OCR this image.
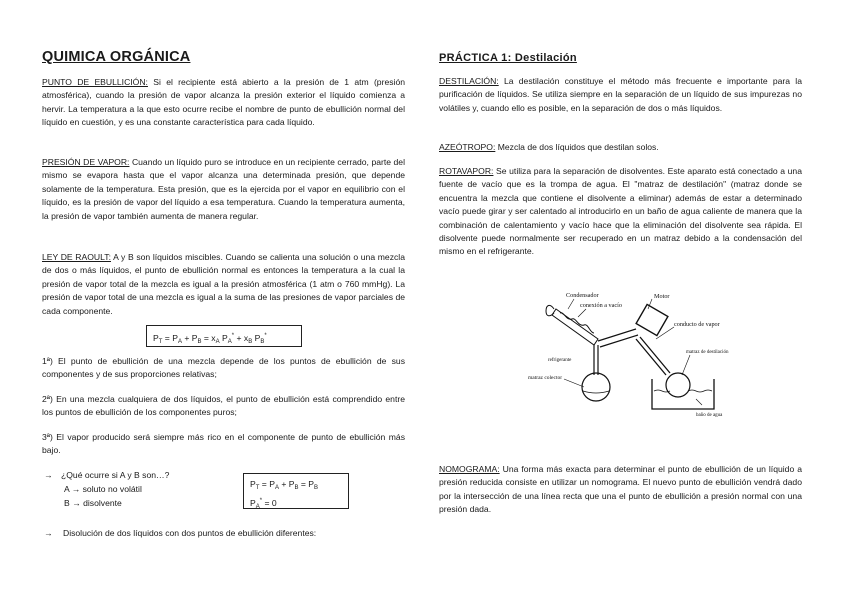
QUIMICA ORGÁNICA

PUNTO DE EBULLICIÓN: Si el recipiente está abierto a la presión de 1 atm (presión atmosférica), cuando la presión de vapor alcanza la presión exterior el líquido comienza a hervir. La temperatura a la que esto ocurre recibe el nombre de punto de ebullición normal del líquido en cuestión, y es una constante característica para cada líquido.

PRESIÓN DE VAPOR: Cuando un líquido puro se introduce en un recipiente cerrado, parte del mismo se evapora hasta que el vapor alcanza una determinada presión, que depende solamente de la temperatura. Esta presión, que es la ejercida por el vapor en equilibrio con el líquido, es la presión de vapor del líquido a esa temperatura. Cuando la temperatura aumenta, la presión de vapor también aumenta de manera regular.

LEY DE RAOULT: A y B son líquidos miscibles. Cuando se calienta una solución o una mezcla de dos o más líquidos, el punto de ebullición normal es entonces la temperatura a la cual la presión de vapor total de la mezcla es igual a la presión atmosférica (1 atm o 760 mmHg). La presión de vapor total de una mezcla es igual a la suma de las presiones de vapor parciales de cada componente.

$P_T = P_A + P_B = x_A$ $P_A^* + x_B$ $P_B^*$

1ª) El punto de ebullición de una mezcla depende de los puntos de ebullición de sus componentes y de sus proporciones relativas;

2ª) En una mezcla cualquiera de dos líquidos, el punto de ebullición está comprendido entre los puntos de ebullición de los componentes puros;

3ª) El vapor producido será siempre más rico en el componente de punto de ebullición más bajo.

→ ¿Qué ocurre si A y B son…?
A → soluto no volátil
B → disolvente
$P_T = P_A + P_B = P_B$
$P_A^* = 0$
→ Disolución de dos líquidos con dos puntos de ebullición diferentes:
PRÁCTICA 1: Destilación

DESTILACIÓN: La destilación constituye el método más frecuente e importante para la purificación de líquidos. Se utiliza siempre en la separación de un líquido de sus impurezas no volátiles y, cuando ello es posible, en la separación de dos o más líquidos.

AZEÓTROPO: Mezcla de dos líquidos que destilan solos.

ROTAVAPOR: Se utiliza para la separación de disolventes. Este aparato está conectado a una fuente de vacío que es la trompa de agua. El "matraz de destilación" (matraz donde se encuentra la mezcla que contiene el disolvente a eliminar) además de estar a determinado vacío puede girar y ser calentado al introducirlo en un baño de agua caliente de manera que la combinación de calentamiento y vacío hace que la eliminación del disolvente sea rápida. El disolvente puede normalmente ser recuperado en un matraz debido a la condensación del mismo en el refrigerante.

Condensador
conexión a vacío
Motor
conducto de vapor
matraz de destilación
refrigerante
matraz colector
baño de agua

NOMOGRAMA: Una forma más exacta para determinar el punto de ebullición de un líquido a presión reducida consiste en utilizar un nomograma. El nuevo punto de ebullición vendrá dado por la intersección de una línea recta que una el punto de ebullición a presión normal con una presión dada.
